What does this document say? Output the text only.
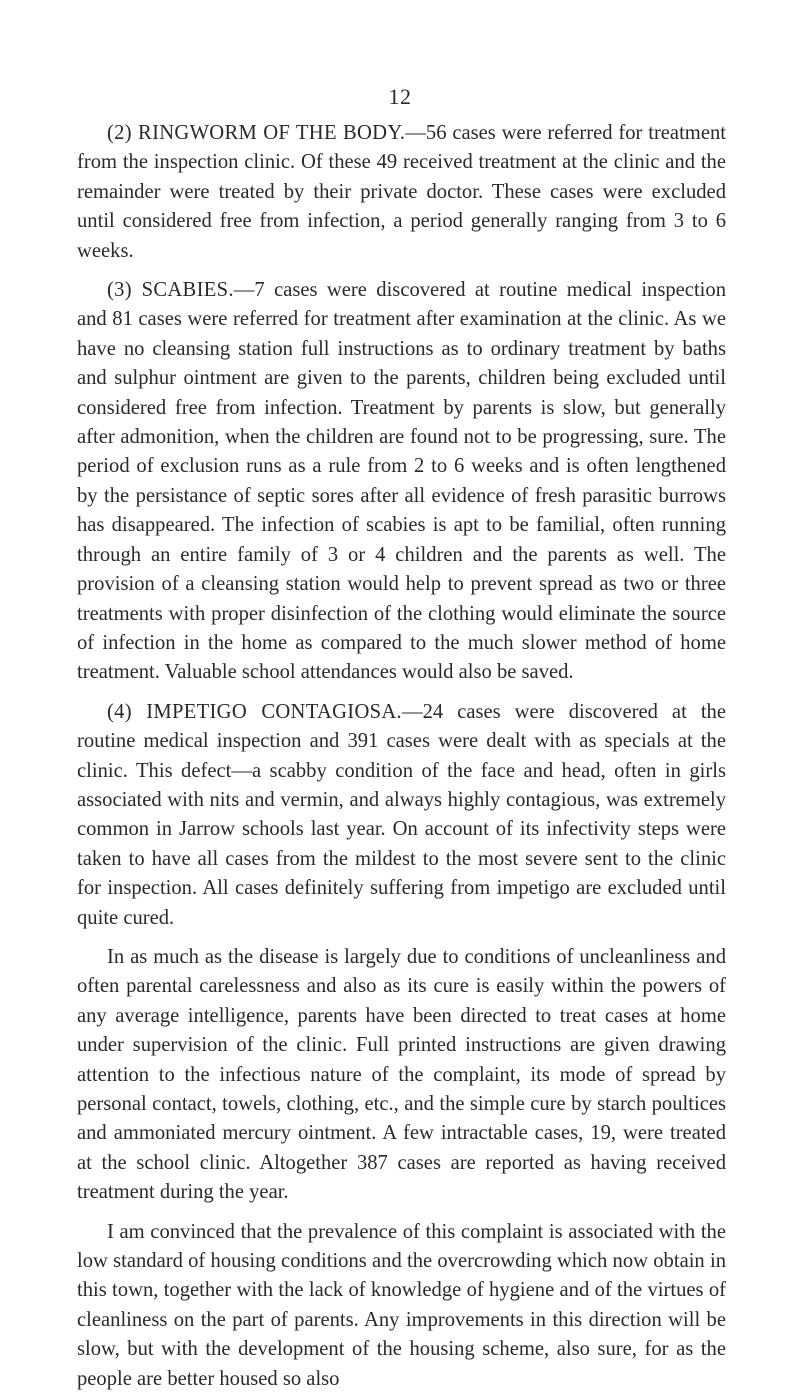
12

(2) RINGWORM OF THE BODY.—56 cases were referred for treatment from the inspection clinic. Of these 49 received treatment at the clinic and the remainder were treated by their private doctor. These cases were excluded until considered free from infection, a period generally ranging from 3 to 6 weeks.

(3) SCABIES.—7 cases were discovered at routine medical inspection and 81 cases were referred for treatment after examination at the clinic. As we have no cleansing station full instructions as to ordinary treatment by baths and sulphur ointment are given to the parents, children being excluded until considered free from infection. Treatment by parents is slow, but generally after admonition, when the children are found not to be progressing, sure. The period of exclusion runs as a rule from 2 to 6 weeks and is often lengthened by the persistance of septic sores after all evidence of fresh parasitic burrows has disappeared. The infection of scabies is apt to be familial, often running through an entire family of 3 or 4 children and the parents as well. The provision of a cleansing station would help to prevent spread as two or three treatments with proper disinfection of the clothing would eliminate the source of infection in the home as compared to the much slower method of home treatment. Valuable school attendances would also be saved.

(4) IMPETIGO CONTAGIOSA.—24 cases were discovered at the routine medical inspection and 391 cases were dealt with as specials at the clinic. This defect—a scabby condition of the face and head, often in girls associated with nits and vermin, and always highly contagious, was extremely common in Jarrow schools last year. On account of its infectivity steps were taken to have all cases from the mildest to the most severe sent to the clinic for inspection. All cases definitely suffering from impetigo are excluded until quite cured.

In as much as the disease is largely due to conditions of uncleanliness and often parental carelessness and also as its cure is easily within the powers of any average intelligence, parents have been directed to treat cases at home under supervision of the clinic. Full printed instructions are given drawing attention to the infectious nature of the complaint, its mode of spread by personal contact, towels, clothing, etc., and the simple cure by starch poultices and ammoniated mercury ointment. A few intractable cases, 19, were treated at the school clinic. Altogether 387 cases are reported as having received treatment during the year.

I am convinced that the prevalence of this complaint is associated with the low standard of housing conditions and the overcrowding which now obtain in this town, together with the lack of knowledge of hygiene and of the virtues of cleanliness on the part of parents. Any improvements in this direction will be slow, but with the development of the housing scheme, also sure, for as the people are better housed so also
